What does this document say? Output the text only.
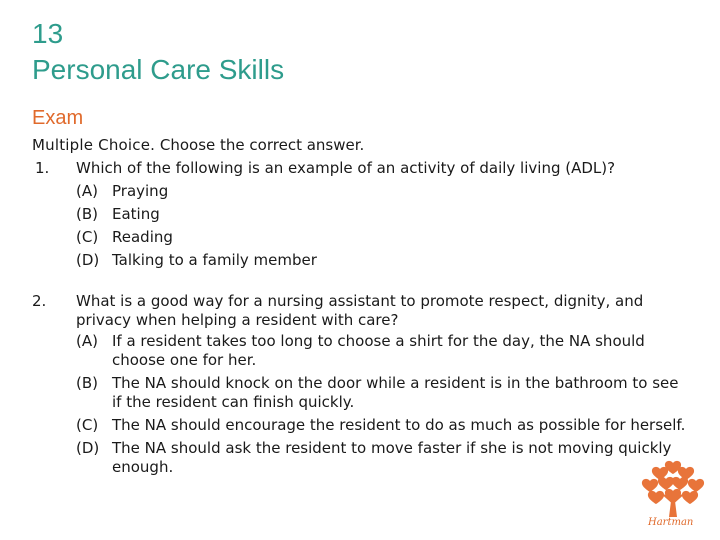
13
Personal Care Skills
Exam
Multiple Choice. Choose the correct answer.
1.	Which of the following is an example of an activity of daily living (ADL)?
(A) Praying
(B) Eating
(C) Reading
(D) Talking to a family member
2.	What is a good way for a nursing assistant to promote respect, dignity, and privacy when helping a resident with care?
(A) If a resident takes too long to choose a shirt for the day, the NA should choose one for her.
(B) The NA should knock on the door while a resident is in the bathroom to see if the resident can finish quickly.
(C) The NA should encourage the resident to do as much as possible for herself.
(D) The NA should ask the resident to move faster if she is not moving quickly enough.
Hartman
